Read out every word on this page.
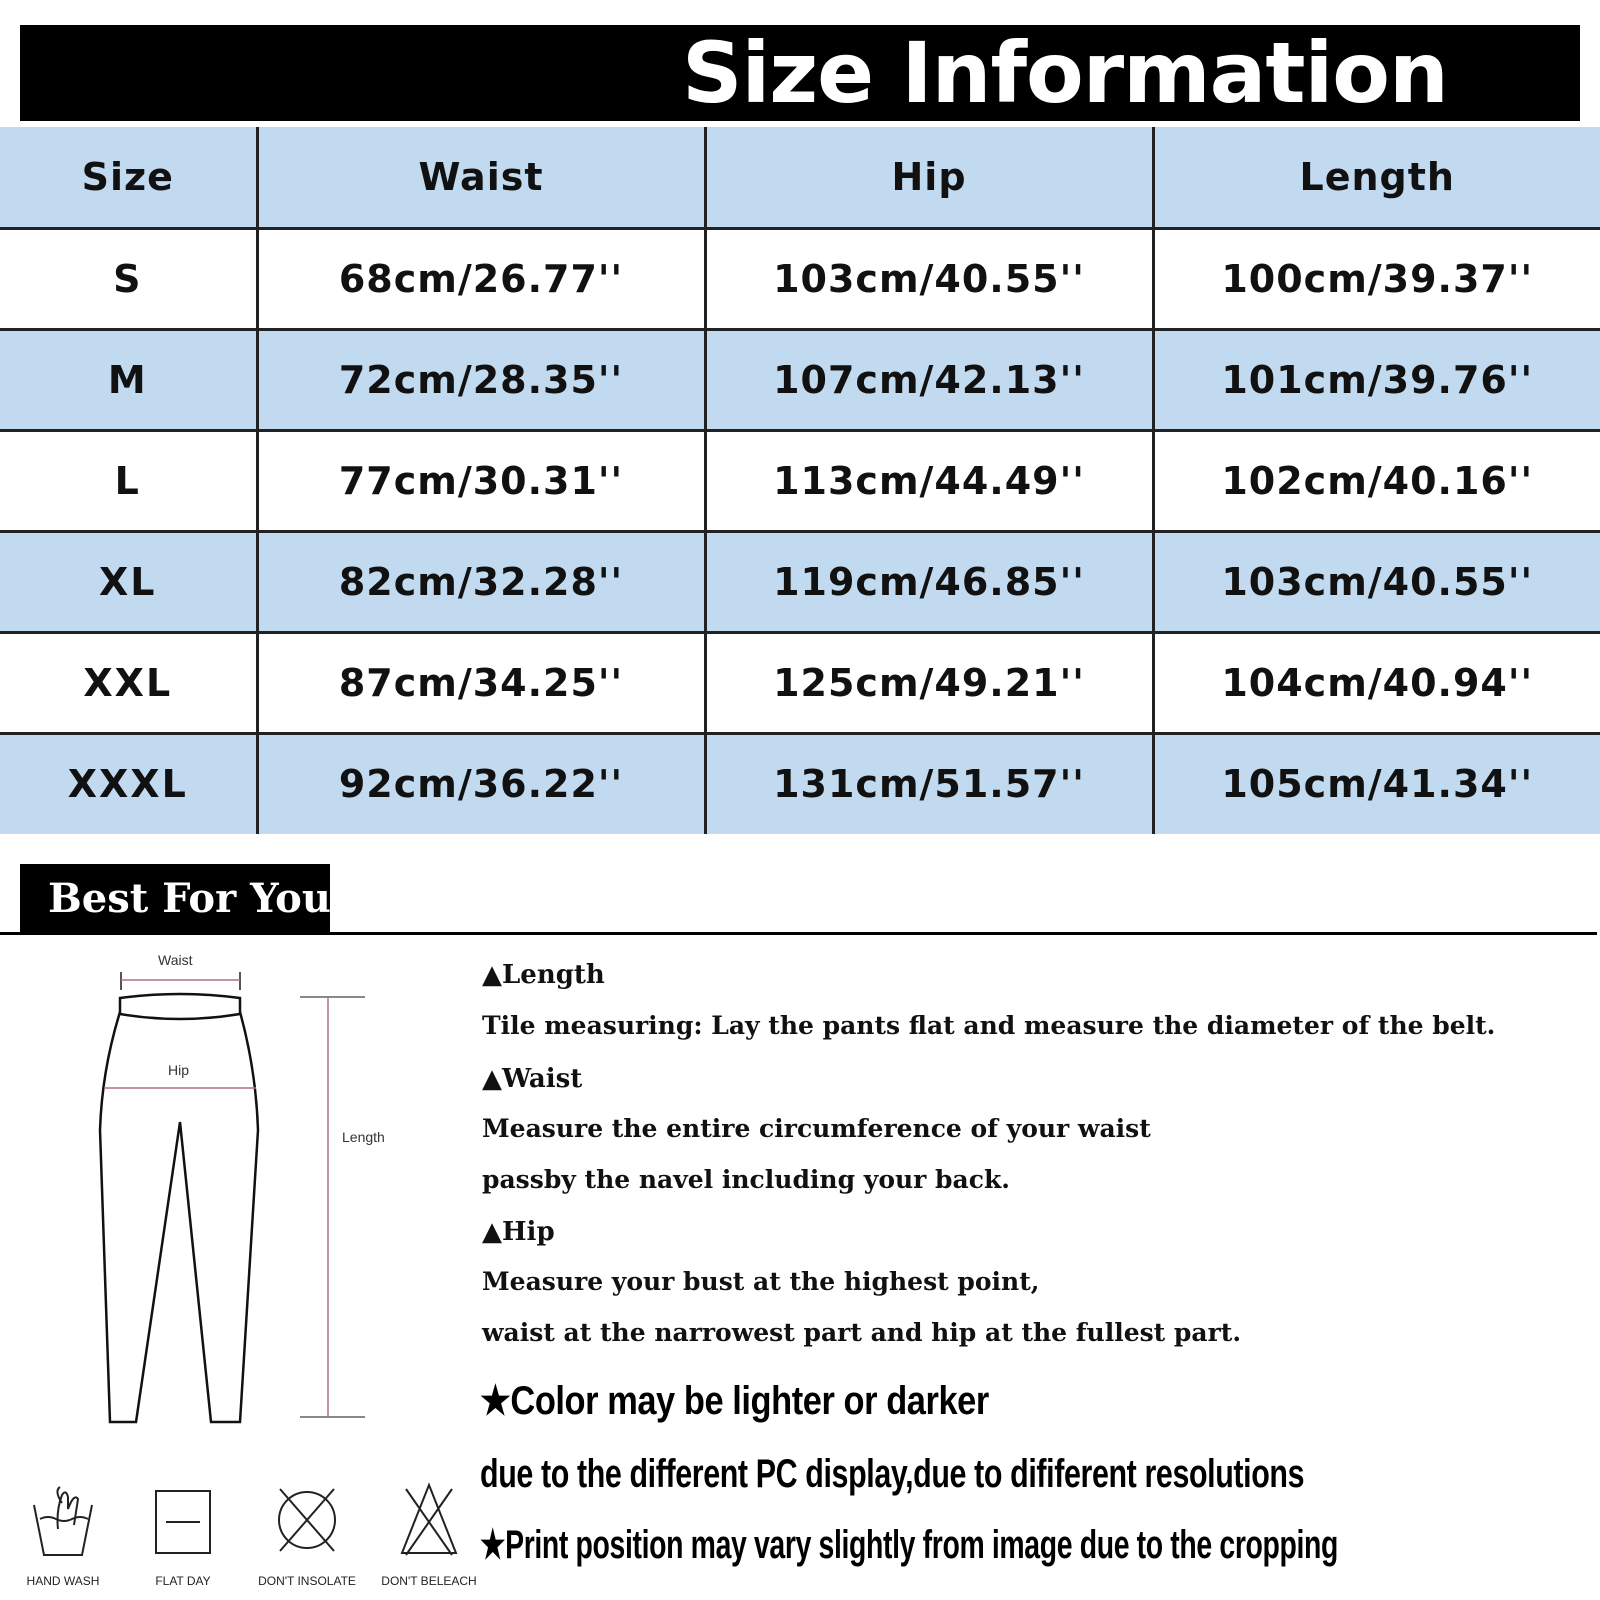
Size Information
Size	Waist	Hip	Length
S	68cm/26.77''	103cm/40.55''	100cm/39.37''
M	72cm/28.35''	107cm/42.13''	101cm/39.76''
L	77cm/30.31''	113cm/44.49''	102cm/40.16''
XL	82cm/32.28''	119cm/46.85''	103cm/40.55''
XXL	87cm/34.25''	125cm/49.21''	104cm/40.94''
XXXL	92cm/36.22''	131cm/51.57''	105cm/41.34''
Best For You
Waist
Hip
Length
▲Length
Tile measuring: Lay the pants flat and measure the diameter of the belt.
▲Waist
Measure the entire circumference of your waist
passby the navel including your back.
▲Hip
Measure your bust at the highest point,
waist at the narrowest part and hip at the fullest part.
★Color may be lighter or darker
due to the different PC display,due to dififerent resolutions
★Print position may vary slightly from image due to the cropping
HAND WASH	FLAT DAY	DON'T INSOLATE	DON'T BELEACH
